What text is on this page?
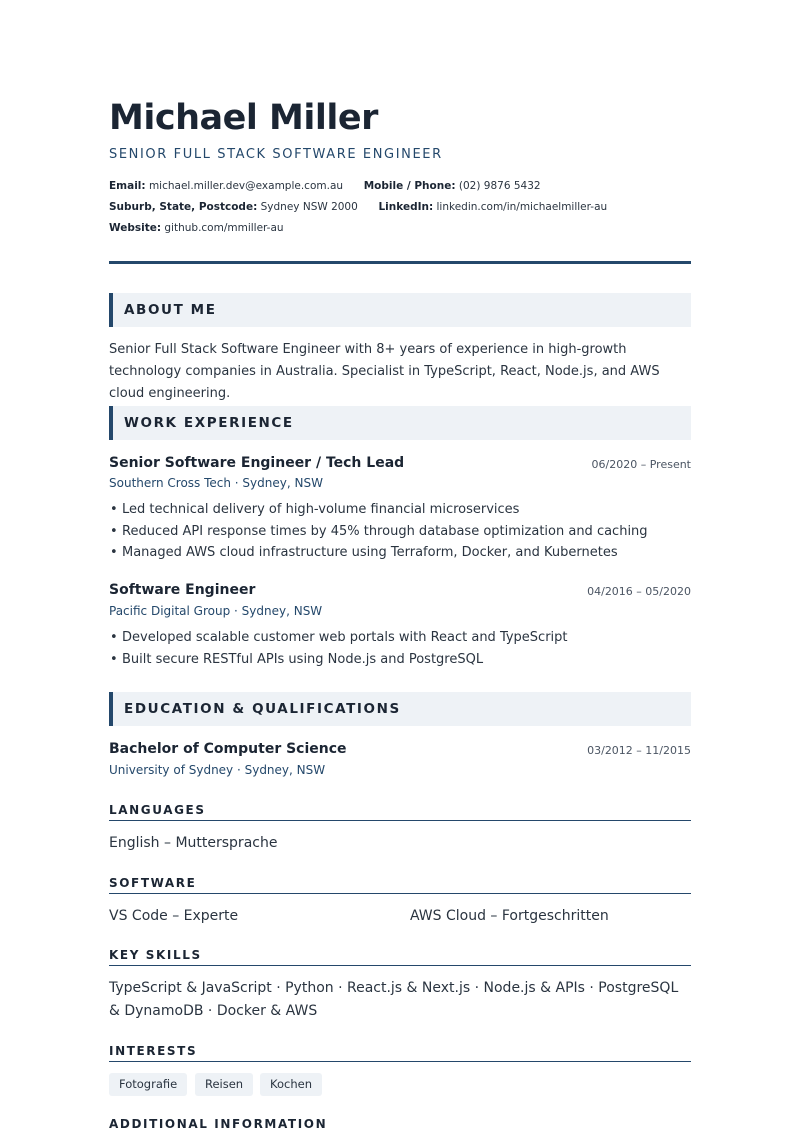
Michael Miller
SENIOR FULL STACK SOFTWARE ENGINEER
Email: michael.miller.dev@example.com.au Mobile / Phone: (02) 9876 5432
Suburb, State, Postcode: Sydney NSW 2000 LinkedIn: linkedin.com/in/michaelmiller-au
Website: github.com/mmiller-au
ABOUT ME
Senior Full Stack Software Engineer with 8+ years of experience in high-growth technology companies in Australia. Specialist in TypeScript, React, Node.js, and AWS cloud engineering.
WORK EXPERIENCE
Senior Software Engineer / Tech Lead	06/2020 – Present
Southern Cross Tech · Sydney, NSW
• Led technical delivery of high-volume financial microservices
• Reduced API response times by 45% through database optimization and caching
• Managed AWS cloud infrastructure using Terraform, Docker, and Kubernetes
Software Engineer	04/2016 – 05/2020
Pacific Digital Group · Sydney, NSW
• Developed scalable customer web portals with React and TypeScript
• Built secure RESTful APIs using Node.js and PostgreSQL
EDUCATION & QUALIFICATIONS
Bachelor of Computer Science	03/2012 – 11/2015
University of Sydney · Sydney, NSW
LANGUAGES
English – Muttersprache
SOFTWARE
VS Code – Experte	AWS Cloud – Fortgeschritten
KEY SKILLS
TypeScript & JavaScript · Python · React.js & Next.js · Node.js & APIs · PostgreSQL & DynamoDB · Docker & AWS
INTERESTS
Fotografie	Reisen	Kochen
ADDITIONAL INFORMATION
